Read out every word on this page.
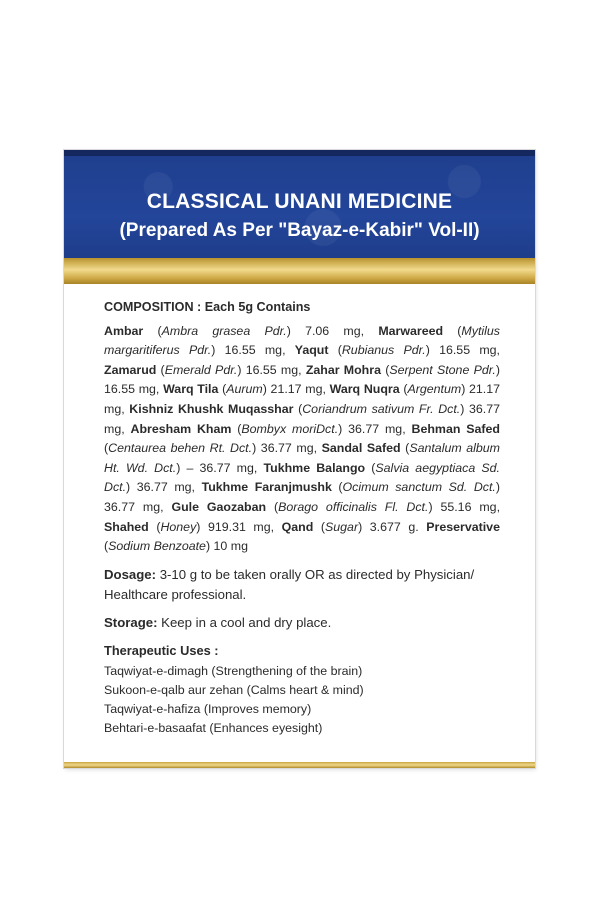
CLASSICAL UNANI MEDICINE
(Prepared As Per "Bayaz-e-Kabir" Vol-II)
COMPOSITION : Each 5g Contains
Ambar (Ambra grasea Pdr.) 7.06 mg, Marwareed (Mytilus margaritiferus Pdr.) 16.55 mg, Yaqut (Rubianus Pdr.) 16.55 mg, Zamarud (Emerald Pdr.) 16.55 mg, Zahar Mohra (Serpent Stone Pdr.) 16.55 mg, Warq Tila (Aurum) 21.17 mg, Warq Nuqra (Argentum) 21.17 mg, Kishniz Khushk Muqasshar (Coriandrum sativum Fr. Dct.) 36.77 mg, Abresham Kham (Bombyx moriDct.) 36.77 mg, Behman Safed (Centaurea behen Rt. Dct.) 36.77 mg, Sandal Safed (Santalum album Ht. Wd. Dct.) – 36.77 mg, Tukhme Balango (Salvia aegyptiaca Sd. Dct.) 36.77 mg, Tukhme Faranjmushk (Ocimum sanctum Sd. Dct.) 36.77 mg, Gule Gaozaban (Borago officinalis Fl. Dct.) 55.16 mg, Shahed (Honey) 919.31 mg, Qand (Sugar) 3.677 g. Preservative (Sodium Benzoate) 10 mg
Dosage: 3-10 g to be taken orally OR as directed by Physician/ Healthcare professional.
Storage: Keep in a cool and dry place.
Therapeutic Uses :
Taqwiyat-e-dimagh (Strengthening of the brain)
Sukoon-e-qalb aur zehan (Calms heart & mind)
Taqwiyat-e-hafiza (Improves memory)
Behtari-e-basaafat (Enhances eyesight)
